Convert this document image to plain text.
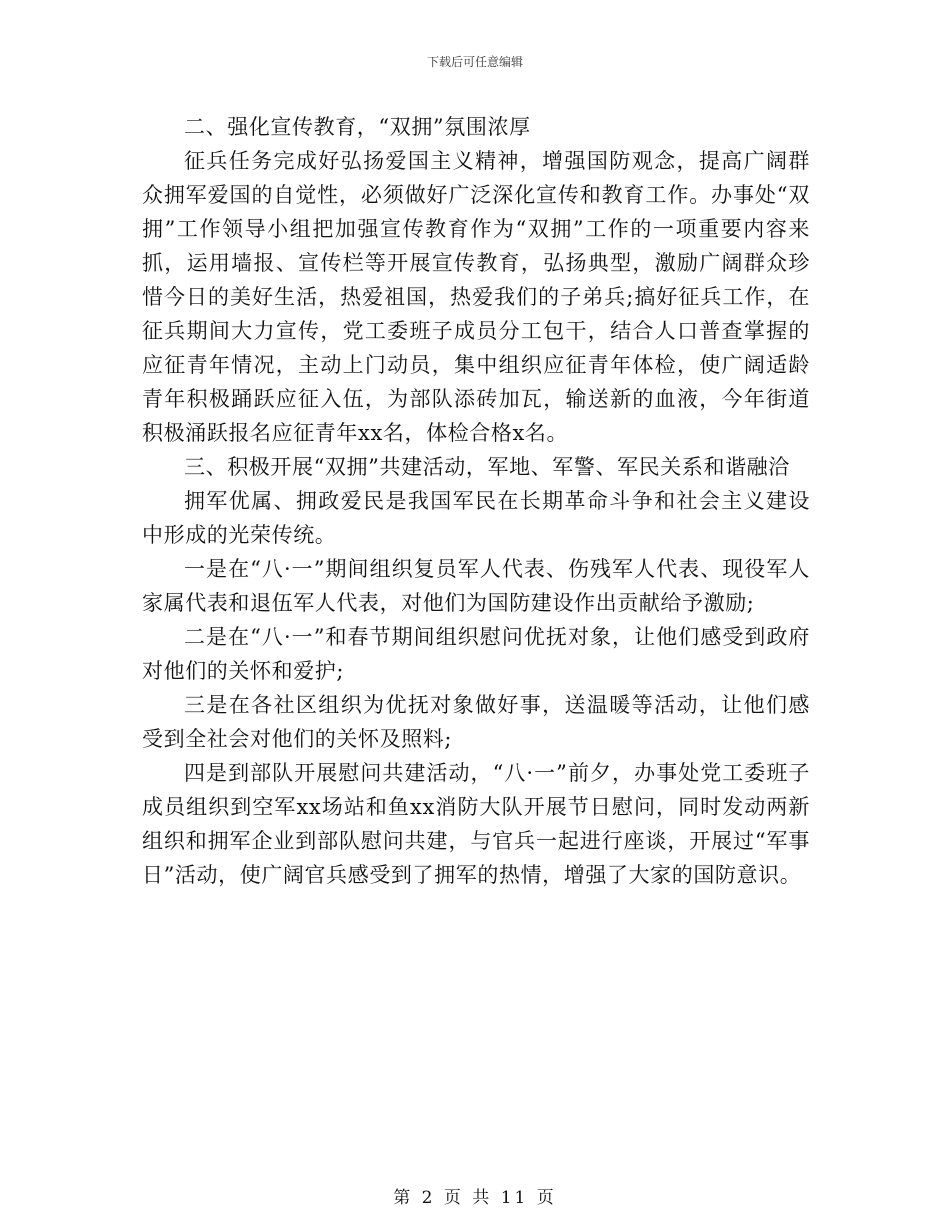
下载后可任意编辑

二、强化宣传教育，“双拥”氛围浓厚

征兵任务完成好弘扬爱国主义精神，增强国防观念，提高广阔群众拥军爱国的自觉性，必须做好广泛深化宣传和教育工作。办事处“双拥”工作领导小组把加强宣传教育作为“双拥”工作的一项重要内容来抓，运用墙报、宣传栏等开展宣传教育，弘扬典型，激励广阔群众珍惜今日的美好生活，热爱祖国，热爱我们的子弟兵;搞好征兵工作，在征兵期间大力宣传，党工委班子成员分工包干，结合人口普查掌握的应征青年情况，主动上门动员，集中组织应征青年体检，使广阔适龄青年积极踊跃应征入伍，为部队添砖加瓦，输送新的血液，今年街道积极涌跃报名应征青年xx名，体检合格x名。

三、积极开展“双拥”共建活动，军地、军警、军民关系和谐融洽

拥军优属、拥政爱民是我国军民在长期革命斗争和社会主义建设中形成的光荣传统。

一是在“八·一”期间组织复员军人代表、伤残军人代表、现役军人家属代表和退伍军人代表，对他们为国防建设作出贡献给予激励;

二是在“八·一”和春节期间组织慰问优抚对象，让他们感受到政府对他们的关怀和爱护;

三是在各社区组织为优抚对象做好事，送温暖等活动，让他们感受到全社会对他们的关怀及照料;

四是到部队开展慰问共建活动，“八·一”前夕，办事处党工委班子成员组织到空军xx场站和鱼xx消防大队开展节日慰问，同时发动两新组织和拥军企业到部队慰问共建，与官兵一起进行座谈，开展过“军事日”活动，使广阔官兵感受到了拥军的热情，增强了大家的国防意识。

第 2 页 共 11 页
